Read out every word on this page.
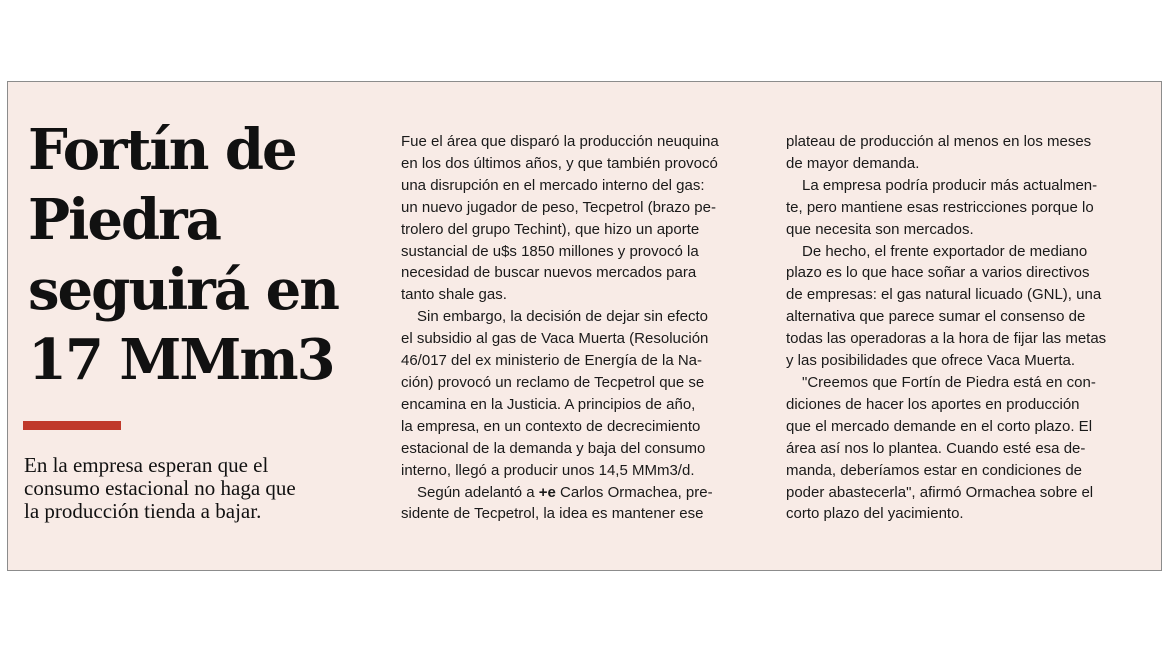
Fortín de
Piedra
seguirá en
17 MMm3

En la empresa esperan que el
consumo estacional no haga que
la producción tienda a bajar.

Fue el área que disparó la producción neuquina
en los dos últimos años, y que también provocó
una disrupción en el mercado interno del gas:
un nuevo jugador de peso, Tecpetrol (brazo pe-
trolero del grupo Techint), que hizo un aporte
sustancial de u$s 1850 millones y provocó la
necesidad de buscar nuevos mercados para
tanto shale gas.
Sin embargo, la decisión de dejar sin efecto
el subsidio al gas de Vaca Muerta (Resolución
46/017 del ex ministerio de Energía de la Na-
ción) provocó un reclamo de Tecpetrol que se
encamina en la Justicia. A principios de año,
la empresa, en un contexto de decrecimiento
estacional de la demanda y baja del consumo
interno, llegó a producir unos 14,5 MMm3/d.
Según adelantó a +e Carlos Ormachea, pre-
sidente de Tecpetrol, la idea es mantener ese
plateau de producción al menos en los meses
de mayor demanda.
La empresa podría producir más actualmen-
te, pero mantiene esas restricciones porque lo
que necesita son mercados.
De hecho, el frente exportador de mediano
plazo es lo que hace soñar a varios directivos
de empresas: el gas natural licuado (GNL), una
alternativa que parece sumar el consenso de
todas las operadoras a la hora de fijar las metas
y las posibilidades que ofrece Vaca Muerta.
"Creemos que Fortín de Piedra está en con-
diciones de hacer los aportes en producción
que el mercado demande en el corto plazo. El
área así nos lo plantea. Cuando esté esa de-
manda, deberíamos estar en condiciones de
poder abastecerla", afirmó Ormachea sobre el
corto plazo del yacimiento.
